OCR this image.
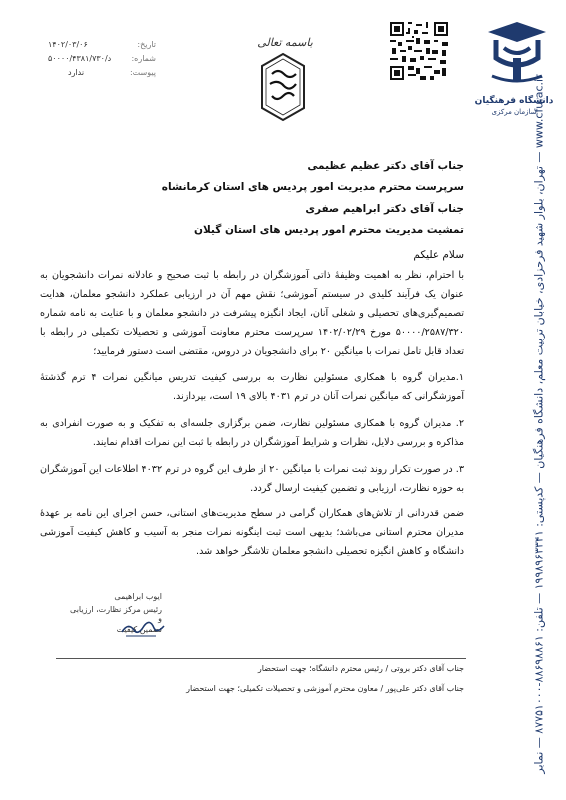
تاریخ:
۱۴۰۲/۰۳/۰۶
شماره:
۵۰۰۰۰/۴۳۸۱/۷۳۰/د
پیوست:
ندارد
باسمه تعالی
دانشگاه فرهنگیان
سازمان مرکزی
www.cfu.ac.ir — تهران، بلوار شهید فرحزادی، خیابان تربیت معلم، دانشگاه فرهنگیان — کدپستی: ۱۹۹۸۹۶۳۳۴۱ — تلفن: ۸۸۶۹۸۸۶۱-۸۷۷۵۱۰۰۰ — نمابر
جناب آقای دکتر عظیم عظیمی
سرپرست محترم مدیریت امور پردیس های استان کرمانشاه
جناب آقای دکتر ابراهیم صفری
تمشیت مدیریت محترم امور پردیس های استان گیلان
سلام علیکم
با احترام، نظر به اهمیت وظیفهٔ ذاتی آموزشگران در رابطه با ثبت صحیح و عادلانه نمرات دانشجویان به عنوان یک فرآیند کلیدی در سیستم آموزشی؛ نقش مهم آن در ارزیابی عملکرد دانشجو معلمان، هدایت تصمیم‌گیری‌های تحصیلی و شغلی آنان، ایجاد انگیزه پیشرفت در دانشجو معلمان و با عنایت به نامه شماره ۵۰۰۰۰/۲۵۸۷/۳۲۰ مورخ ۱۴۰۲/۰۲/۲۹ سرپرست محترم معاونت آموزشی و تحصیلات تکمیلی در رابطه با تعداد قابل تامل نمرات با میانگین ۲۰ برای دانشجویان در دروس، مقتضی است دستور فرمایید؛
۱.مدیران گروه با همکاری مسئولین نظارت به بررسی کیفیت تدریس میانگین نمرات ۴ ترم گذشتهٔ آموزشگرانی که میانگین نمرات آنان در ترم ۴۰۳۱ بالای ۱۹ است، بپردازند.
۲. مدیران گروه با همکاری مسئولین نظارت، ضمن برگزاری جلسه‌ای به تفکیک و به صورت انفرادی به مذاکره و بررسی دلایل، نظرات و شرایط آموزشگران در رابطه با ثبت این نمرات اقدام نمایند.
۳. در صورت تکرار روند ثبت نمرات با میانگین ۲۰ از طرف این گروه در ترم ۴۰۳۲ اطلاعات این آموزشگران به حوزه نظارت، ارزیابی و تضمین کیفیت ارسال گردد.
ضمن قدردانی از تلاش‌های همکاران گرامی در سطح مدیریت‌های استانی، حسن اجرای این نامه بر عهدهٔ مدیران محترم استانی می‌باشد؛ بدیهی است ثبت اینگونه نمرات منجر به آسیب و کاهش کیفیت آموزشی دانشگاه و کاهش انگیزه تحصیلی دانشجو معلمان تلاشگر خواهد شد.
ایوب ابراهیمی
رئیس مرکز نظارت، ارزیابی و
تضمین کیفیت
جناب آقای دکتر بروتی / رئیس محترم دانشگاه؛ جهت استحضار
جناب آقای دکتر علی‌پور / معاون محترم آموزشی و تحصیلات تکمیلی؛ جهت استحضار
